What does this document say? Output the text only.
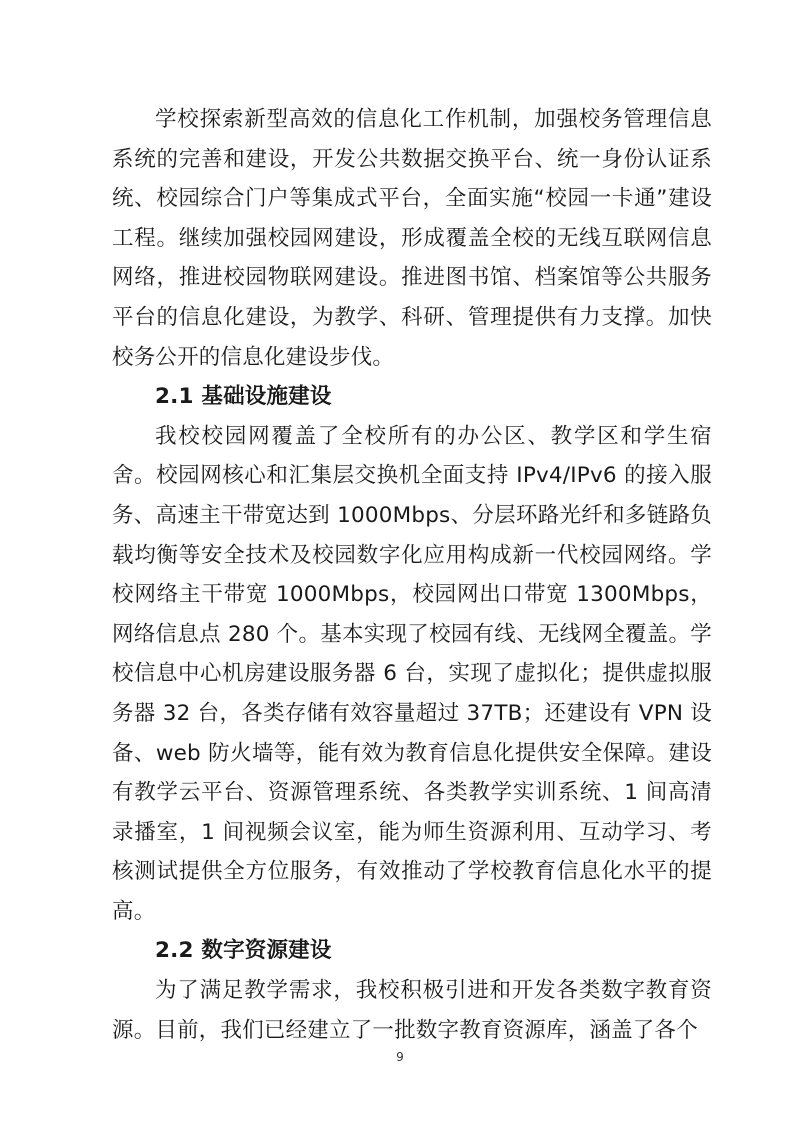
学校探索新型高效的信息化工作机制，加强校务管理信息系统的完善和建设，开发公共数据交换平台、统一身份认证系统、校园综合门户等集成式平台，全面实施“校园一卡通”建设工程。继续加强校园网建设，形成覆盖全校的无线互联网信息网络，推进校园物联网建设。推进图书馆、档案馆等公共服务平台的信息化建设，为教学、科研、管理提供有力支撑。加快校务公开的信息化建设步伐。

2.1 基础设施建设

我校校园网覆盖了全校所有的办公区、教学区和学生宿舍。校园网核心和汇集层交换机全面支持 IPv4/IPv6 的接入服务、高速主干带宽达到 1000Mbps、分层环路光纤和多链路负载均衡等安全技术及校园数字化应用构成新一代校园网络。学校网络主干带宽 1000Mbps，校园网出口带宽 1300Mbps，网络信息点 280 个。基本实现了校园有线、无线网全覆盖。学校信息中心机房建设服务器 6 台，实现了虚拟化；提供虚拟服务器 32 台，各类存储有效容量超过 37TB；还建设有 VPN 设备、web 防火墙等，能有效为教育信息化提供安全保障。建设有教学云平台、资源管理系统、各类教学实训系统、1 间高清录播室，1 间视频会议室，能为师生资源利用、互动学习、考核测试提供全方位服务，有效推动了学校教育信息化水平的提高。

2.2 数字资源建设

为了满足教学需求，我校积极引进和开发各类数字教育资源。目前，我们已经建立了一批数字教育资源库，涵盖了各个

9
